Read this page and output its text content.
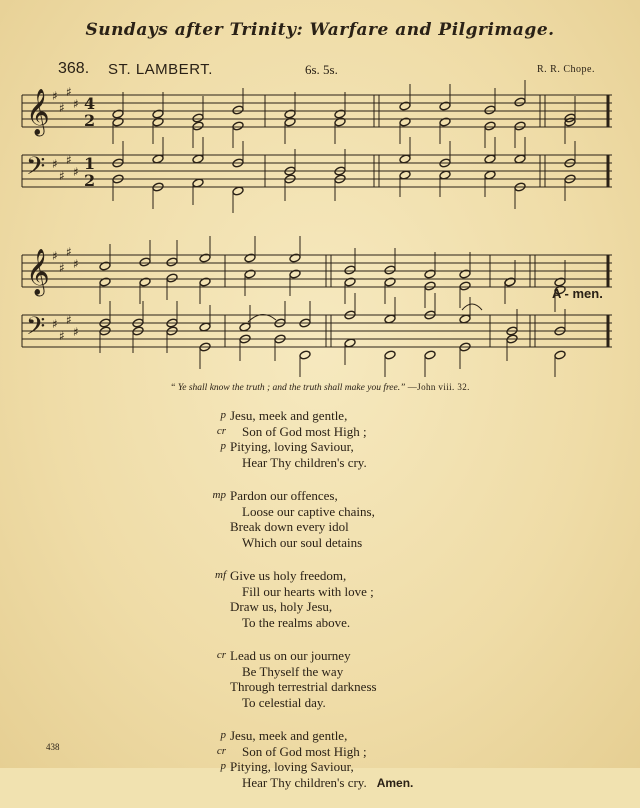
Sundays after Trinity: Warfare and Pilgrimage.
368. ST. LAMBERT.	6s. 5s.	R. R. Chope.
𝄞 ♯
♯
♯
♯ 4
2
𝄢 ♯
♯
♯
♯ 1
2
𝄞 ♯
♯
♯
♯
𝄢 ♯
♯
♯
♯
A - men.
“ Ye shall know the truth ; and the truth shall make you free.” —John viii. 32.
p Jesu, meek and gentle,
cr Son of God most High ;
p Pitying, loving Saviour,
Hear Thy children's cry.
mp Pardon our offences,
Loose our captive chains,
Break down every idol
Which our soul detains
mf Give us holy freedom,
Fill our hearts with love ;
Draw us, holy Jesu,
To the realms above.
cr Lead us on our journey
Be Thyself the way
Through terrestrial darkness
To celestial day.
p Jesu, meek and gentle,
cr Son of God most High ;
p Pitying, loving Saviour,
Hear Thy children's cry. Amen.
438
